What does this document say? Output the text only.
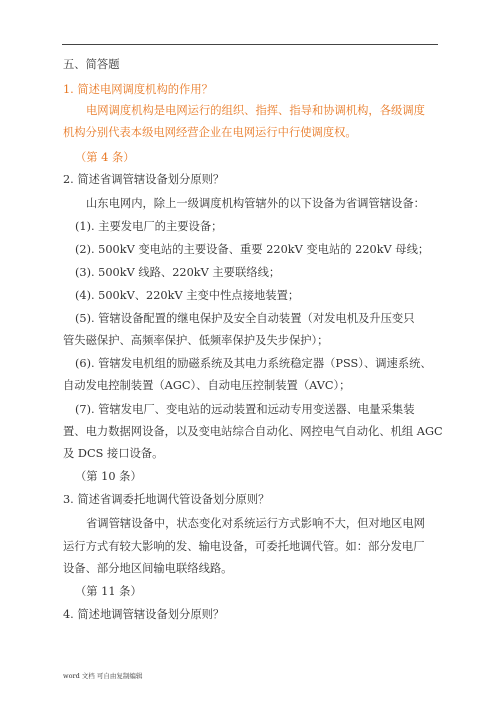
五、简答题
1. 简述电网调度机构的作用？
电网调度机构是电网运行的组织、指挥、指导和协调机构，各级调度
机构分别代表本级电网经营企业在电网运行中行使调度权。
（第 4 条）
2. 简述省调管辖设备划分原则？
山东电网内，除上一级调度机构管辖外的以下设备为省调管辖设备：
(1). 主要发电厂的主要设备；
(2). 500kV 变电站的主要设备、重要 220kV 变电站的 220kV 母线；
(3). 500kV 线路、220kV 主要联络线；
(4). 500kV、220kV 主变中性点接地装置；
(5). 管辖设备配置的继电保护及安全自动装置（对发电机及升压变只
管失磁保护、高频率保护、低频率保护及失步保护）；
(6). 管辖发电机组的励磁系统及其电力系统稳定器（PSS）、调速系统、
自动发电控制装置（AGC）、自动电压控制装置（AVC）；
(7). 管辖发电厂、变电站的远动装置和远动专用变送器、电量采集装
置、电力数据网设备，以及变电站综合自动化、网控电气自动化、机组 AGC
及 DCS 接口设备。
（第 10 条）
3. 简述省调委托地调代管设备划分原则？
省调管辖设备中，状态变化对系统运行方式影响不大，但对地区电网
运行方式有较大影响的发、输电设备，可委托地调代管。如：部分发电厂
设备、部分地区间输电联络线路。
（第 11 条）
4. 简述地调管辖设备划分原则？
word 文档 可自由复制编辑
